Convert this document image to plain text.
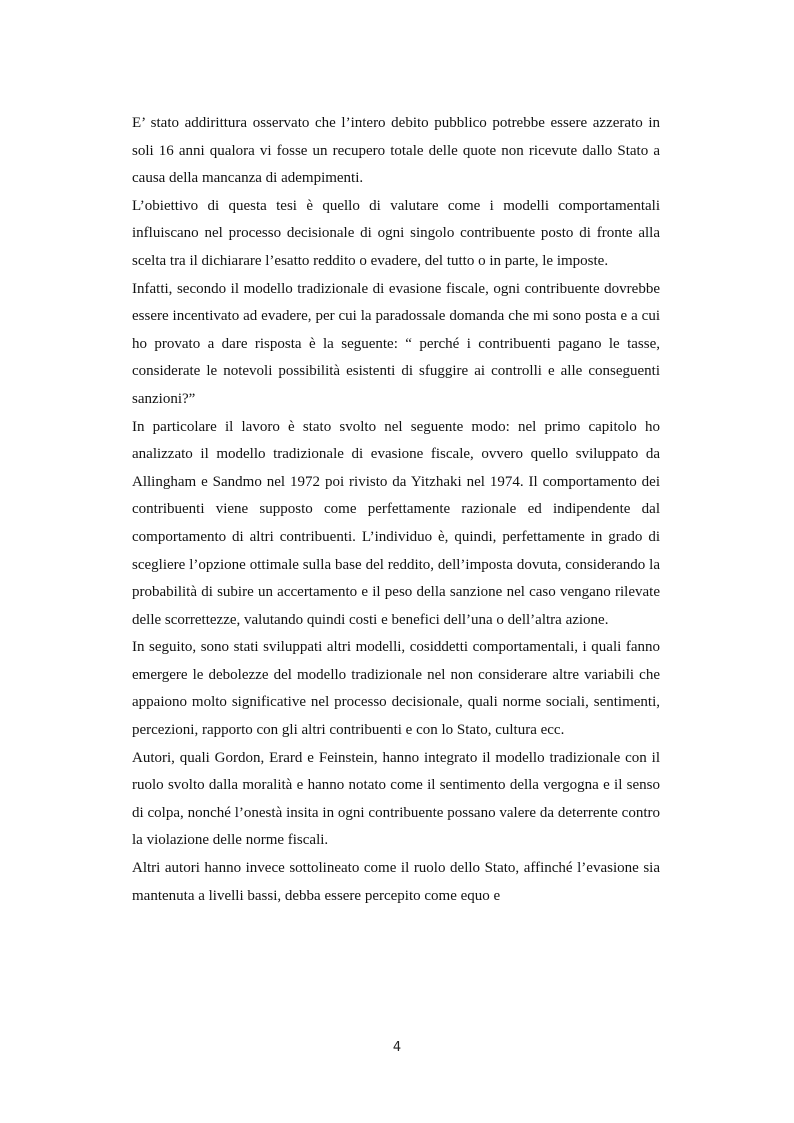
E’ stato addirittura osservato che l’intero debito pubblico potrebbe essere azzerato in soli 16 anni qualora vi fosse un recupero totale delle quote non ricevute dallo Stato a causa della mancanza di adempimenti.

L’obiettivo di questa tesi è quello di valutare come i modelli comportamentali influiscano nel processo decisionale di ogni singolo contribuente posto di fronte alla scelta tra il dichiarare l’esatto reddito o evadere, del tutto o in parte, le imposte.

Infatti, secondo il modello tradizionale di evasione fiscale, ogni contribuente dovrebbe essere incentivato ad evadere, per cui la paradossale domanda che mi sono posta e a cui ho provato a dare risposta è la seguente: “ perché i contribuenti pagano le tasse, considerate le notevoli possibilità esistenti di sfuggire ai controlli e alle conseguenti sanzioni?”

In particolare il lavoro è stato svolto nel seguente modo: nel primo capitolo ho analizzato il modello tradizionale di evasione fiscale, ovvero quello sviluppato da Allingham e Sandmo nel 1972 poi rivisto da Yitzhaki nel 1974. Il comportamento dei contribuenti viene supposto come perfettamente razionale ed indipendente dal comportamento di altri contribuenti. L’individuo è, quindi, perfettamente in grado di scegliere l’opzione ottimale sulla base del reddito, dell’imposta dovuta, considerando la probabilità di subire un accertamento e il peso della sanzione nel caso vengano rilevate delle scorrettezze, valutando quindi costi e benefici dell’una o dell’altra azione.

In seguito, sono stati sviluppati altri modelli, cosiddetti comportamentali, i quali fanno emergere le debolezze del modello tradizionale nel non considerare altre variabili che appaiono molto significative nel processo decisionale, quali norme sociali, sentimenti, percezioni, rapporto con gli altri contribuenti e con lo Stato, cultura ecc.

Autori, quali Gordon, Erard e Feinstein, hanno integrato il modello tradizionale con il ruolo svolto dalla moralità e hanno notato come il sentimento della vergogna e il senso di colpa, nonché l’onestà insita in ogni contribuente possano valere da deterrente contro la violazione delle norme fiscali.

Altri autori hanno invece sottolineato come il ruolo dello Stato, affinché l’evasione sia mantenuta a livelli bassi, debba essere percepito come equo e

4
